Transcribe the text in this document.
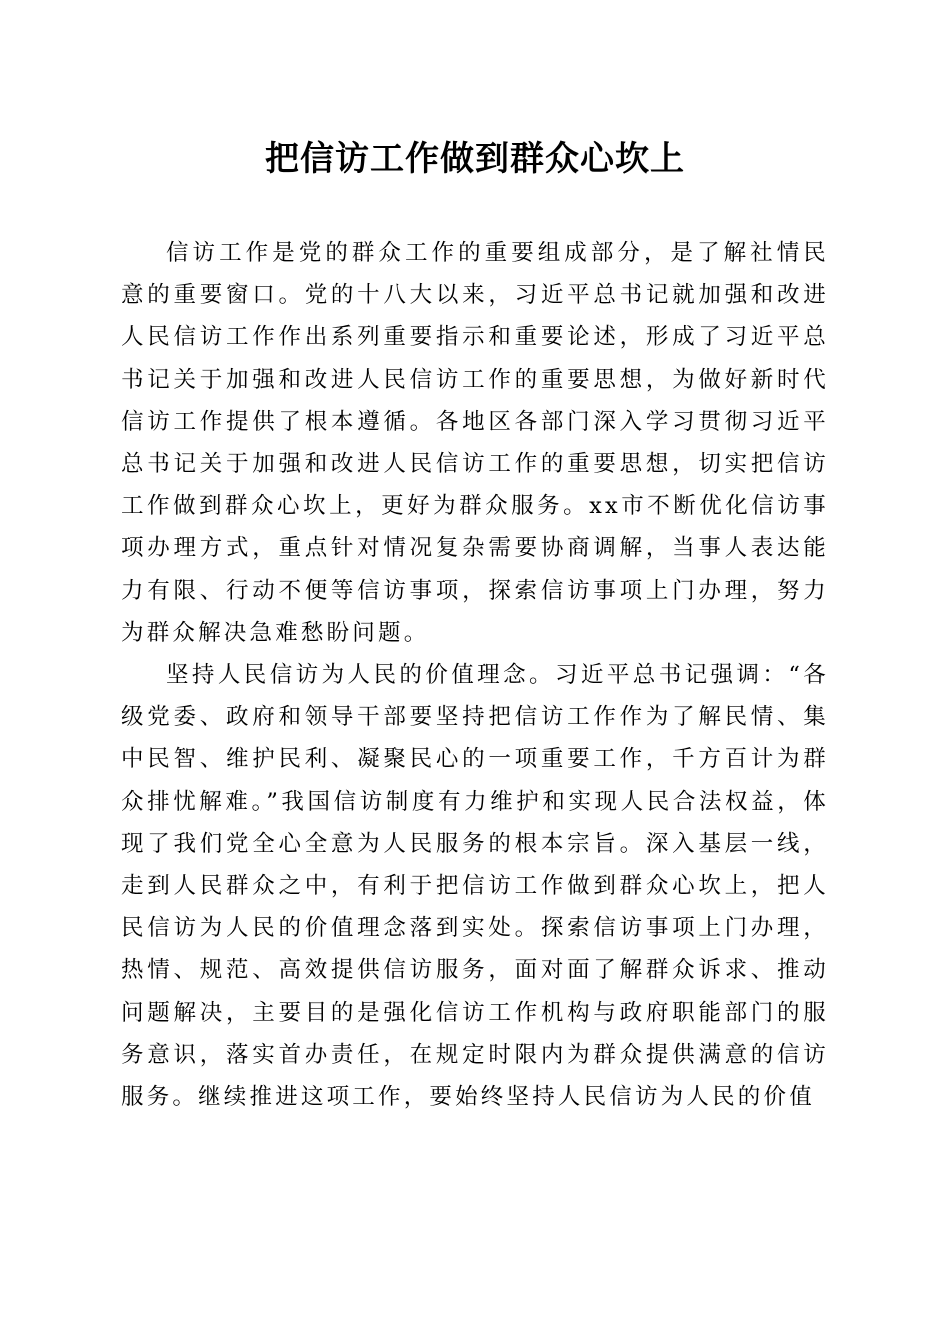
把信访工作做到群众心坎上

信访工作是党的群众工作的重要组成部分，是了解社情民意的重要窗口。党的十八大以来，习近平总书记就加强和改进人民信访工作作出系列重要指示和重要论述，形成了习近平总书记关于加强和改进人民信访工作的重要思想，为做好新时代信访工作提供了根本遵循。各地区各部门深入学习贯彻习近平总书记关于加强和改进人民信访工作的重要思想，切实把信访工作做到群众心坎上，更好为群众服务。xx市不断优化信访事项办理方式，重点针对情况复杂需要协商调解，当事人表达能力有限、行动不便等信访事项，探索信访事项上门办理，努力为群众解决急难愁盼问题。

坚持人民信访为人民的价值理念。习近平总书记强调：“各级党委、政府和领导干部要坚持把信访工作作为了解民情、集中民智、维护民利、凝聚民心的一项重要工作，千方百计为群众排忧解难。”我国信访制度有力维护和实现人民合法权益，体现了我们党全心全意为人民服务的根本宗旨。深入基层一线，走到人民群众之中，有利于把信访工作做到群众心坎上，把人民信访为人民的价值理念落到实处。探索信访事项上门办理，热情、规范、高效提供信访服务，面对面了解群众诉求、推动问题解决，主要目的是强化信访工作机构与政府职能部门的服务意识，落实首办责任，在规定时限内为群众提供满意的信访服务。继续推进这项工作，要始终坚持人民信访为人民的价值
